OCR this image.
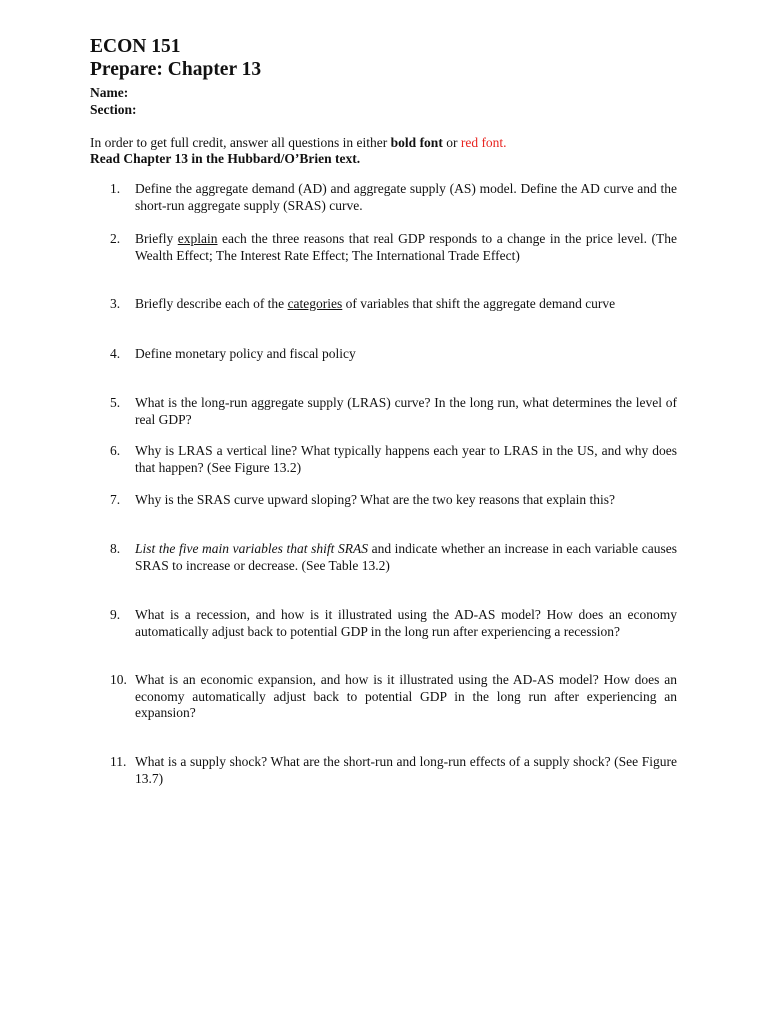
ECON 151
Prepare: Chapter 13
Name:
Section:
In order to get full credit, answer all questions in either bold font or red font.
Read Chapter 13 in the Hubbard/O’Brien text.
1.	Define the aggregate demand (AD) and aggregate supply (AS) model. Define the AD curve and the short-run aggregate supply (SRAS) curve.
2.	Briefly explain each the three reasons that real GDP responds to a change in the price level. (The Wealth Effect; The Interest Rate Effect; The International Trade Effect)
3.	Briefly describe each of the categories of variables that shift the aggregate demand curve
4.	Define monetary policy and fiscal policy
5.	What is the long-run aggregate supply (LRAS) curve? In the long run, what determines the level of real GDP?
6.	Why is LRAS a vertical line? What typically happens each year to LRAS in the US, and why does that happen? (See Figure 13.2)
7.	Why is the SRAS curve upward sloping? What are the two key reasons that explain this?
8.	List the five main variables that shift SRAS and indicate whether an increase in each variable causes SRAS to increase or decrease. (See Table 13.2)
9.	What is a recession, and how is it illustrated using the AD-AS model? How does an economy automatically adjust back to potential GDP in the long run after experiencing a recession?
10. What is an economic expansion, and how is it illustrated using the AD-AS model? How does an economy automatically adjust back to potential GDP in the long run after experiencing an expansion?
11. What is a supply shock? What are the short-run and long-run effects of a supply shock? (See Figure 13.7)
